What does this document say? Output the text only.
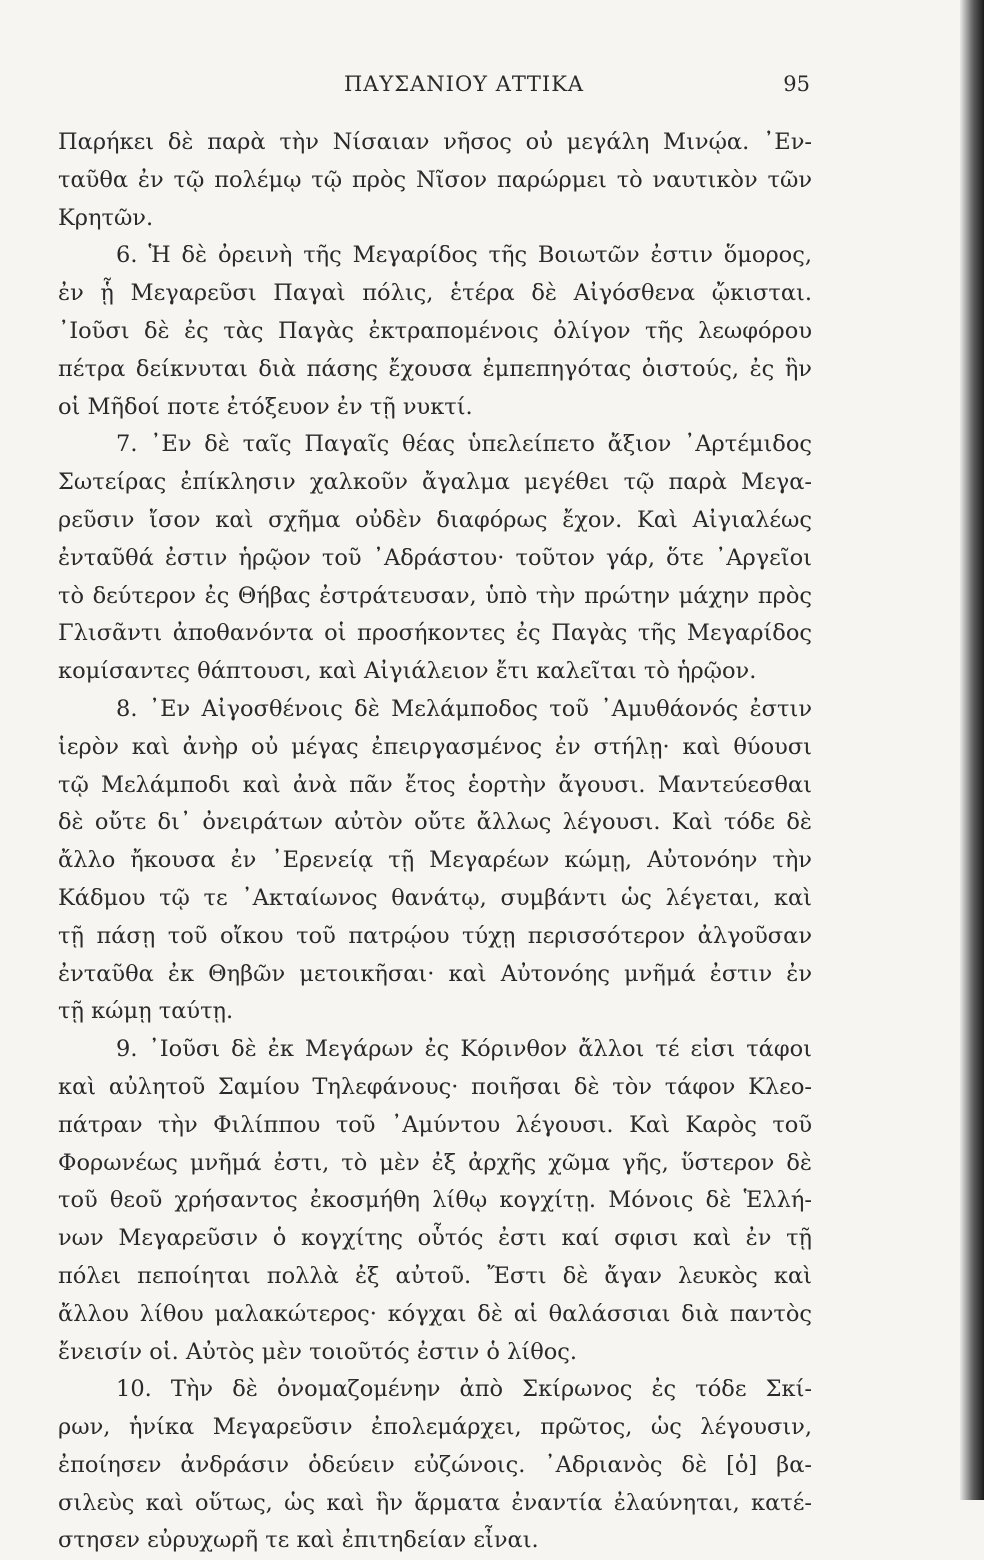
ΠΑΥΣΑΝΙΟΥ ΑΤΤΙΚΑ	95
Παρήκει δὲ παρὰ τὴν Νίσαιαν νῆσος οὐ μεγάλη Μινῴα. ᾿Εν-
ταῦθα ἐν τῷ πολέμῳ τῷ πρὸς Νῖσον παρώρμει τὸ ναυτικὸν τῶν
Κρητῶν.
6. Ἡ δὲ ὀρεινὴ τῆς Μεγαρίδος τῆς Βοιωτῶν ἐστιν ὅμορος,
ἐν ᾗ Μεγαρεῦσι Παγαὶ πόλις, ἑτέρα δὲ Αἰγόσθενα ᾤκισται.
᾿Ιοῦσι δὲ ἐς τὰς Παγὰς ἐκτραπομένοις ὀλίγον τῆς λεωφόρου
πέτρα δείκνυται διὰ πάσης ἔχουσα ἐμπεπηγότας ὀιστούς, ἐς ἣν
οἱ Μῆδοί ποτε ἐτόξευον ἐν τῇ νυκτί.
7. ᾿Εν δὲ ταῖς Παγαῖς θέας ὑπελείπετο ἄξιον ᾿Αρτέμιδος
Σωτείρας ἐπίκλησιν χαλκοῦν ἄγαλμα μεγέθει τῷ παρὰ Μεγα-
ρεῦσιν ἴσον καὶ σχῆμα οὐδὲν διαφόρως ἔχον. Καὶ Αἰγιαλέως
ἐνταῦθά ἐστιν ἡρῷον τοῦ ᾿Αδράστου· τοῦτον γάρ, ὅτε ᾿Αργεῖοι
τὸ δεύτερον ἐς Θήβας ἐστράτευσαν, ὑπὸ τὴν πρώτην μάχην πρὸς
Γλισᾶντι ἀποθανόντα οἱ προσήκοντες ἐς Παγὰς τῆς Μεγαρίδος
κομίσαντες θάπτουσι, καὶ Αἰγιάλειον ἔτι καλεῖται τὸ ἡρῷον.
8. ᾿Εν Αἰγοσθένοις δὲ Μελάμποδος τοῦ ᾿Αμυθάονός ἐστιν
ἱερὸν καὶ ἀνὴρ οὐ μέγας ἐπειργασμένος ἐν στήλῃ· καὶ θύουσι
τῷ Μελάμποδι καὶ ἀνὰ πᾶν ἔτος ἑορτὴν ἄγουσι. Μαντεύεσθαι
δὲ οὔτε δι᾿ ὀνειράτων αὐτὸν οὔτε ἄλλως λέγουσι. Καὶ τόδε δὲ
ἄλλο ἤκουσα ἐν ᾿Ερενείᾳ τῇ Μεγαρέων κώμῃ, Αὐτονόην τὴν
Κάδμου τῷ τε ᾿Ακταίωνος θανάτῳ, συμβάντι ὡς λέγεται, καὶ
τῇ πάσῃ τοῦ οἴκου τοῦ πατρῴου τύχῃ περισσότερον ἀλγοῦσαν
ἐνταῦθα ἐκ Θηβῶν μετοικῆσαι· καὶ Αὐτονόης μνῆμά ἐστιν ἐν
τῇ κώμῃ ταύτῃ.
9. ᾿Ιοῦσι δὲ ἐκ Μεγάρων ἐς Κόρινθον ἄλλοι τέ εἰσι τάφοι
καὶ αὐλητοῦ Σαμίου Τηλεφάνους· ποιῆσαι δὲ τὸν τάφον Κλεο-
πάτραν τὴν Φιλίππου τοῦ ᾿Αμύντου λέγουσι. Καὶ Καρὸς τοῦ
Φορωνέως μνῆμά ἐστι, τὸ μὲν ἐξ ἀρχῆς χῶμα γῆς, ὕστερον δὲ
τοῦ θεοῦ χρήσαντος ἐκοσμήθη λίθῳ κογχίτῃ. Μόνοις δὲ Ἑλλή-
νων Μεγαρεῦσιν ὁ κογχίτης οὗτός ἐστι καί σφισι καὶ ἐν τῇ
πόλει πεποίηται πολλὰ ἐξ αὐτοῦ. Ἔστι δὲ ἄγαν λευκὸς καὶ
ἄλλου λίθου μαλακώτερος· κόγχαι δὲ αἱ θαλάσσιαι διὰ παντὸς
ἔνεισίν οἱ. Αὐτὸς μὲν τοιοῦτός ἐστιν ὁ λίθος.
10. Τὴν δὲ ὀνομαζομένην ἀπὸ Σκίρωνος ἐς τόδε Σκί-
ρων, ἡνίκα Μεγαρεῦσιν ἐπολεμάρχει, πρῶτος, ὡς λέγουσιν,
ἐποίησεν ἀνδράσιν ὁδεύειν εὐζώνοις. ᾿Αδριανὸς δὲ [ὁ] βα-
σιλεὺς καὶ οὕτως, ὡς καὶ ἣν ἅρματα ἐναντία ἐλαύνηται, κατέ-
στησεν εὐρυχωρῆ τε καὶ ἐπιτηδείαν εἶναι.
